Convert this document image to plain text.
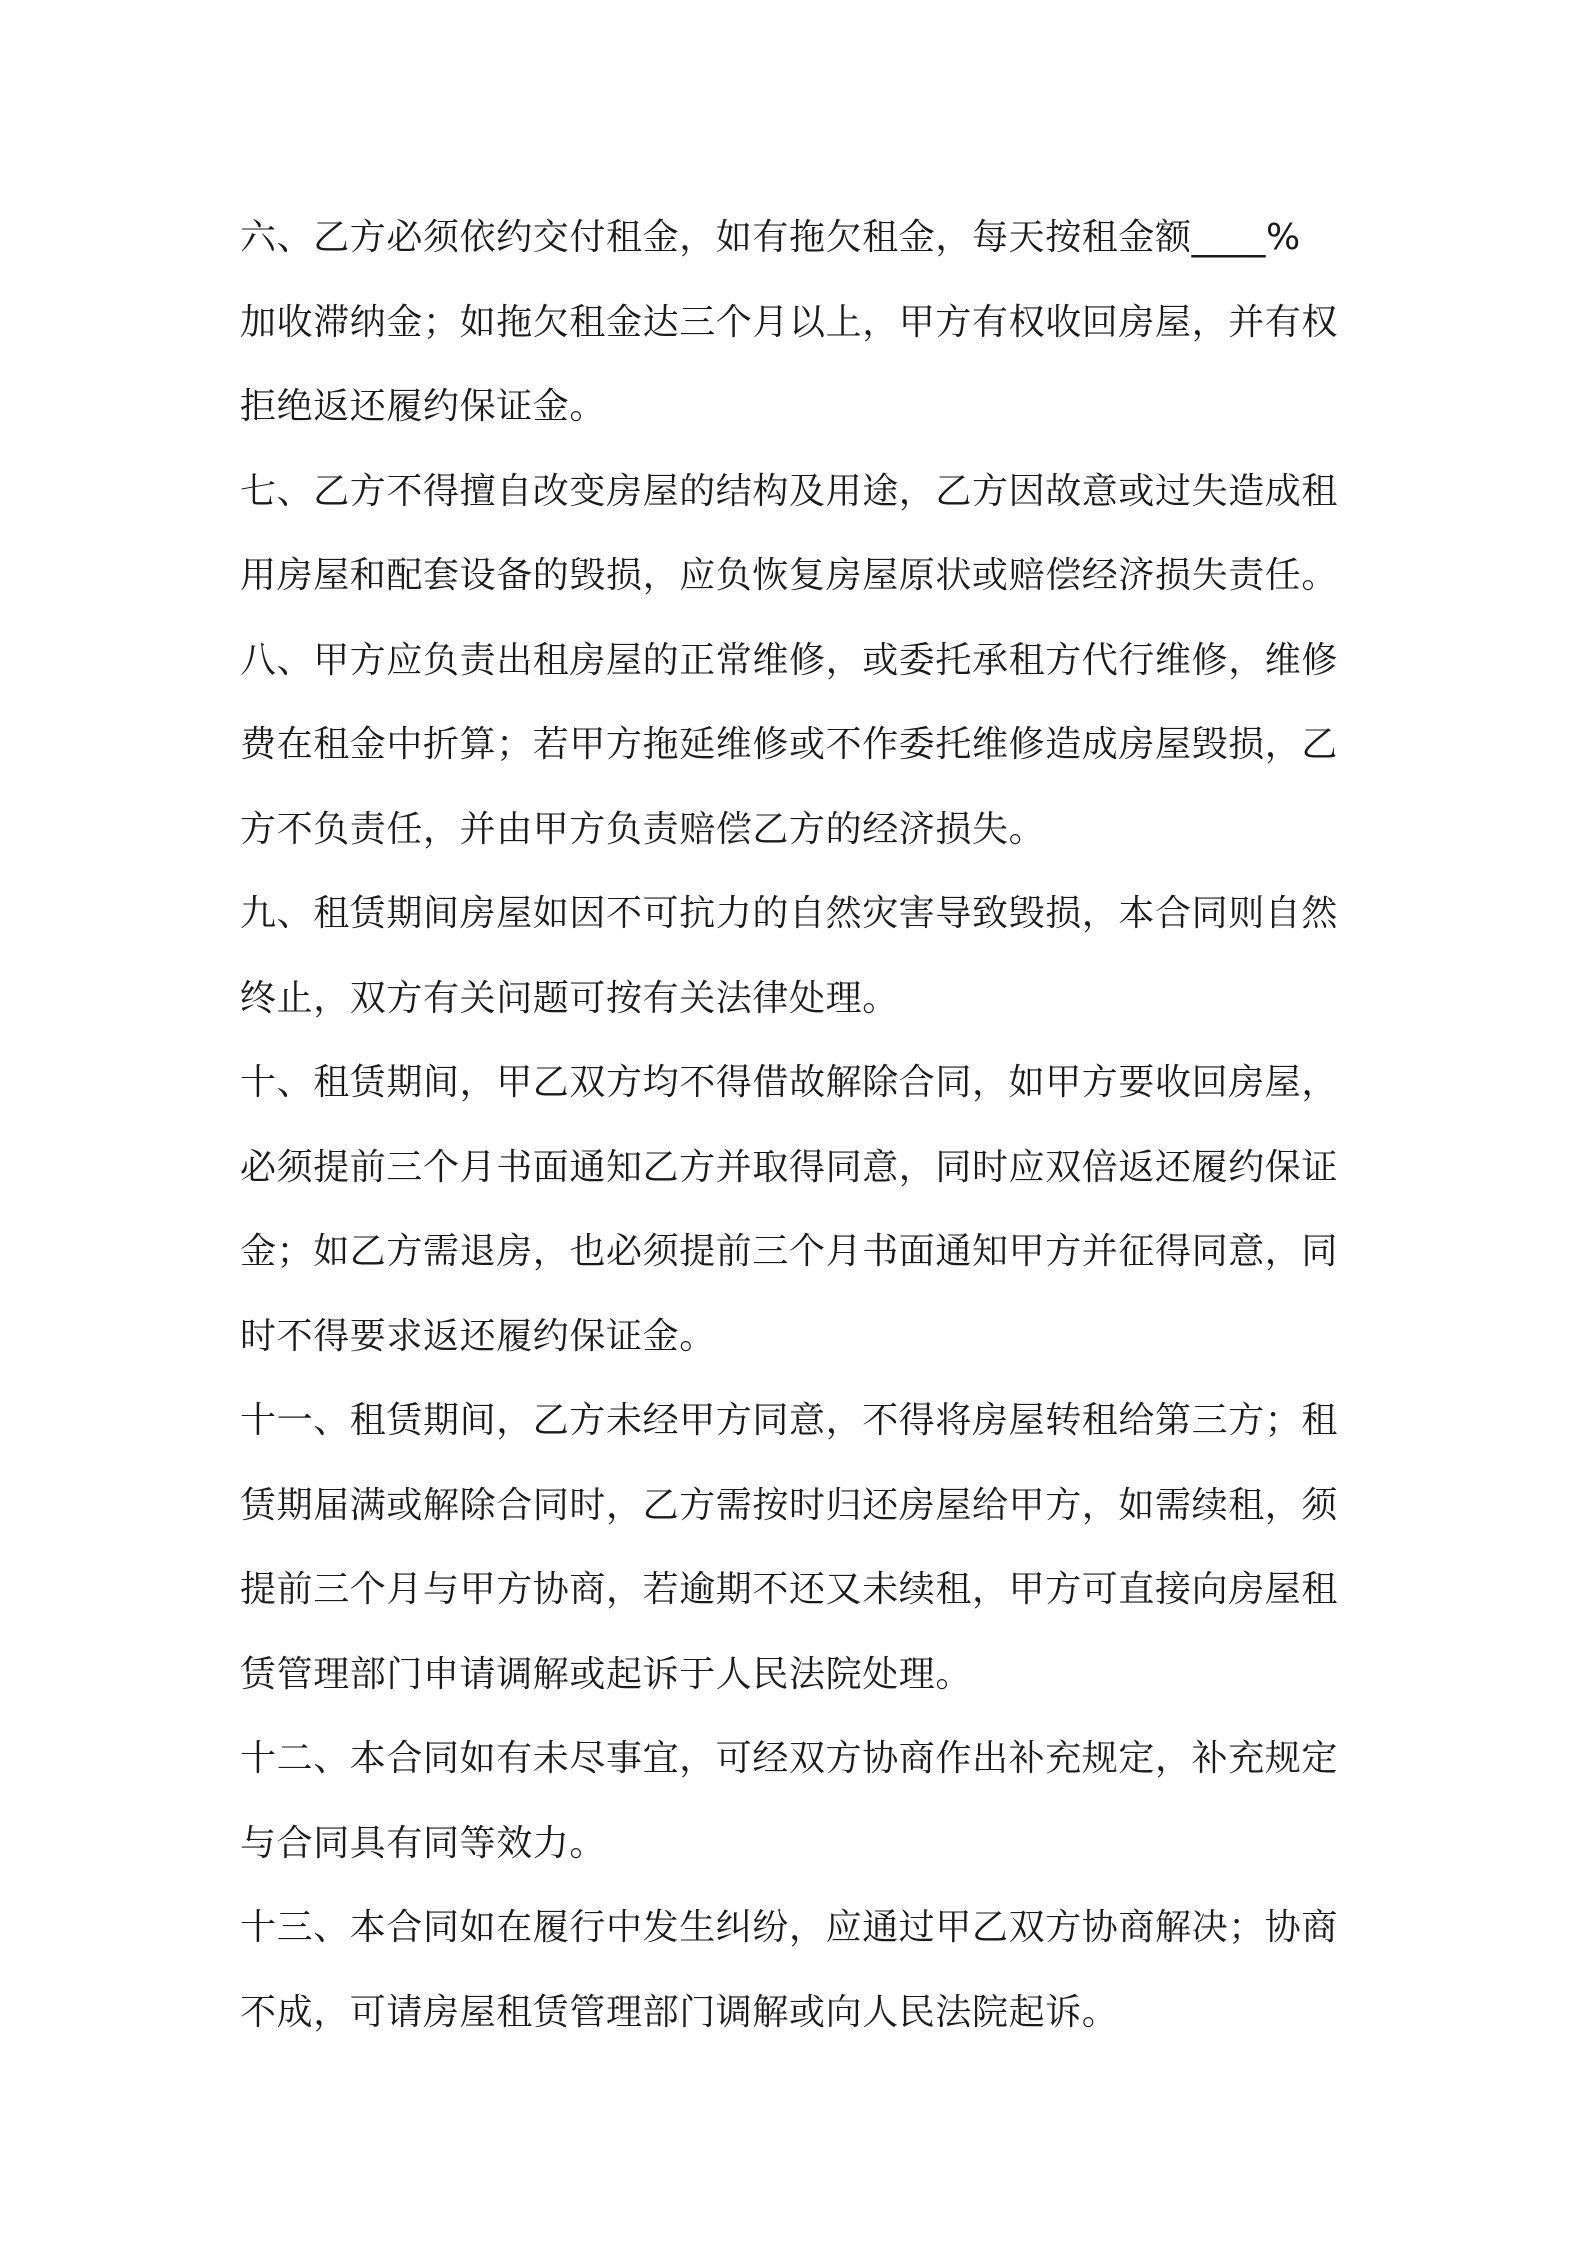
六、乙方必须依约交付租金，如有拖欠租金，每天按租金额____%
加收滞纳金；如拖欠租金达三个月以上，甲方有权收回房屋，并有权
拒绝返还履约保证金。

七、乙方不得擅自改变房屋的结构及用途，乙方因故意或过失造成租
用房屋和配套设备的毁损，应负恢复房屋原状或赔偿经济损失责任。

八、甲方应负责出租房屋的正常维修，或委托承租方代行维修，维修
费在租金中折算；若甲方拖延维修或不作委托维修造成房屋毁损，乙
方不负责任，并由甲方负责赔偿乙方的经济损失。

九、租赁期间房屋如因不可抗力的自然灾害导致毁损，本合同则自然
终止，双方有关问题可按有关法律处理。

十、租赁期间，甲乙双方均不得借故解除合同，如甲方要收回房屋，
必须提前三个月书面通知乙方并取得同意，同时应双倍返还履约保证
金；如乙方需退房，也必须提前三个月书面通知甲方并征得同意，同
时不得要求返还履约保证金。

十一、租赁期间，乙方未经甲方同意，不得将房屋转租给第三方；租
赁期届满或解除合同时，乙方需按时归还房屋给甲方，如需续租，须
提前三个月与甲方协商，若逾期不还又未续租，甲方可直接向房屋租
赁管理部门申请调解或起诉于人民法院处理。

十二、本合同如有未尽事宜，可经双方协商作出补充规定，补充规定
与合同具有同等效力。

十三、本合同如在履行中发生纠纷，应通过甲乙双方协商解决；协商
不成，可请房屋租赁管理部门调解或向人民法院起诉。
